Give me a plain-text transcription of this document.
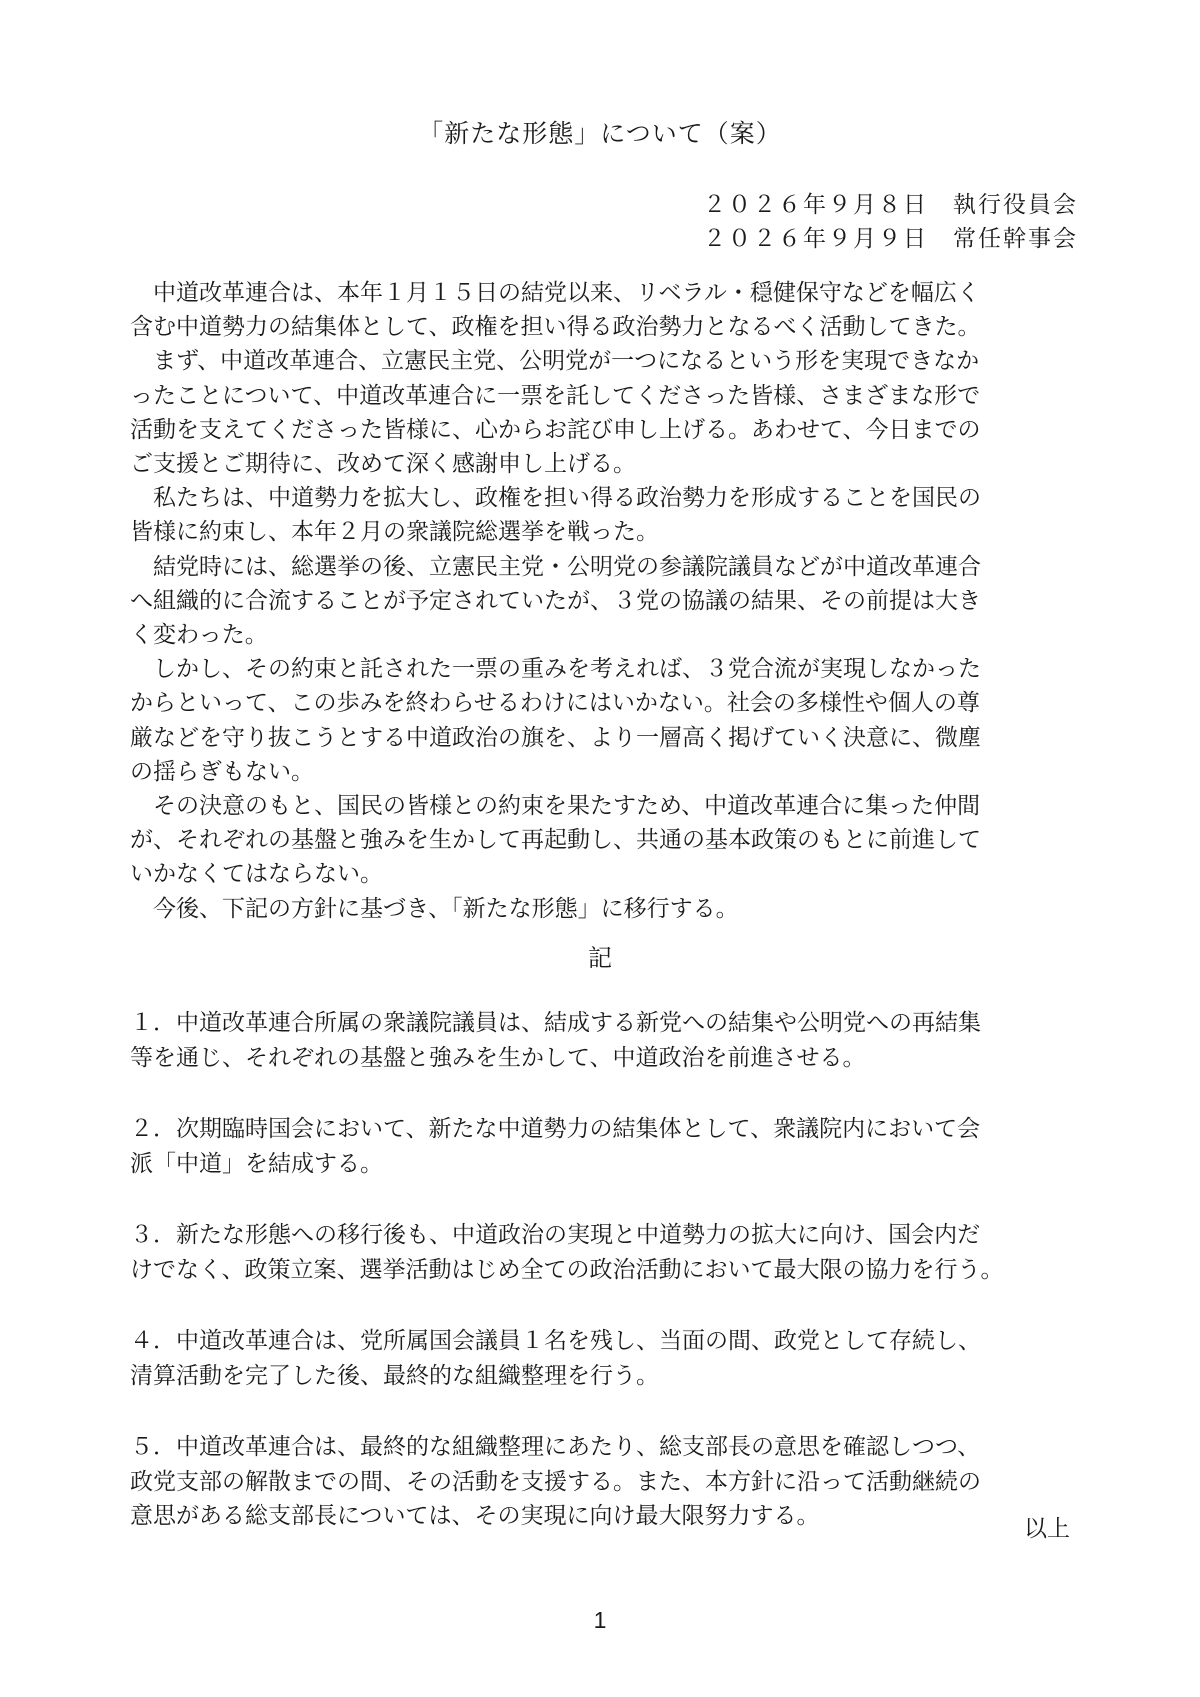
「新たな形態」について（案）
２０２６年９月８日　 執行役員会
２０２６年９月９日　 常任幹事会

中道改革連合は、本年１月１５日の結党以来、リベラル・穏健保守などを幅広く
含む中道勢力の結集体として、政権を担い得る政治勢力となるべく活動してきた。

まず、中道改革連合、立憲民主党、公明党が一つになるという形を実現できなか
ったことについて、中道改革連合に一票を託してくださった皆様、さまざまな形で
活動を支えてくださった皆様に、心からお詫び申し上げる。あわせて、今日までの
ご支援とご期待に、改めて深く感謝申し上げる。

私たちは、中道勢力を拡大し、政権を担い得る政治勢力を形成することを国民の
皆様に約束し、本年２月の衆議院総選挙を戦った。

結党時には、総選挙の後、立憲民主党・公明党の参議院議員などが中道改革連合
へ組織的に合流することが予定されていたが、３党の協議の結果、その前提は大き
く変わった。

しかし、その約束と託された一票の重みを考えれば、３党合流が実現しなかった
からといって、この歩みを終わらせるわけにはいかない。社会の多様性や個人の尊
厳などを守り抜こうとする中道政治の旗を、より一層高く掲げていく決意に、微塵
の揺らぎもない。

その決意のもと、国民の皆様との約束を果たすため、中道改革連合に集った仲間
が、それぞれの基盤と強みを生かして再起動し、共通の基本政策のもとに前進して
いかなくてはならない。

今後、下記の方針に基づき、「新たな形態」に移行する。

記
１．中道改革連合所属の衆議院議員は、結成する新党への結集や公明党への再結集
等を通じ、それぞれの基盤と強みを生かして、中道政治を前進させる。
２．次期臨時国会において、新たな中道勢力の結集体として、衆議院内において会
派「中道」を結成する。
３．新たな形態への移行後も、中道政治の実現と中道勢力の拡大に向け、国会内だ
けでなく、政策立案、選挙活動はじめ全ての政治活動において最大限の協力を行う。
４．中道改革連合は、党所属国会議員１名を残し、当面の間、政党として存続し、
清算活動を完了した後、最終的な組織整理を行う。
５．中道改革連合は、最終的な組織整理にあたり、総支部長の意思を確認しつつ、
政党支部の解散までの間、その活動を支援する。また、本方針に沿って活動継続の
意思がある総支部長については、その実現に向け最大限努力する。	以上
1
